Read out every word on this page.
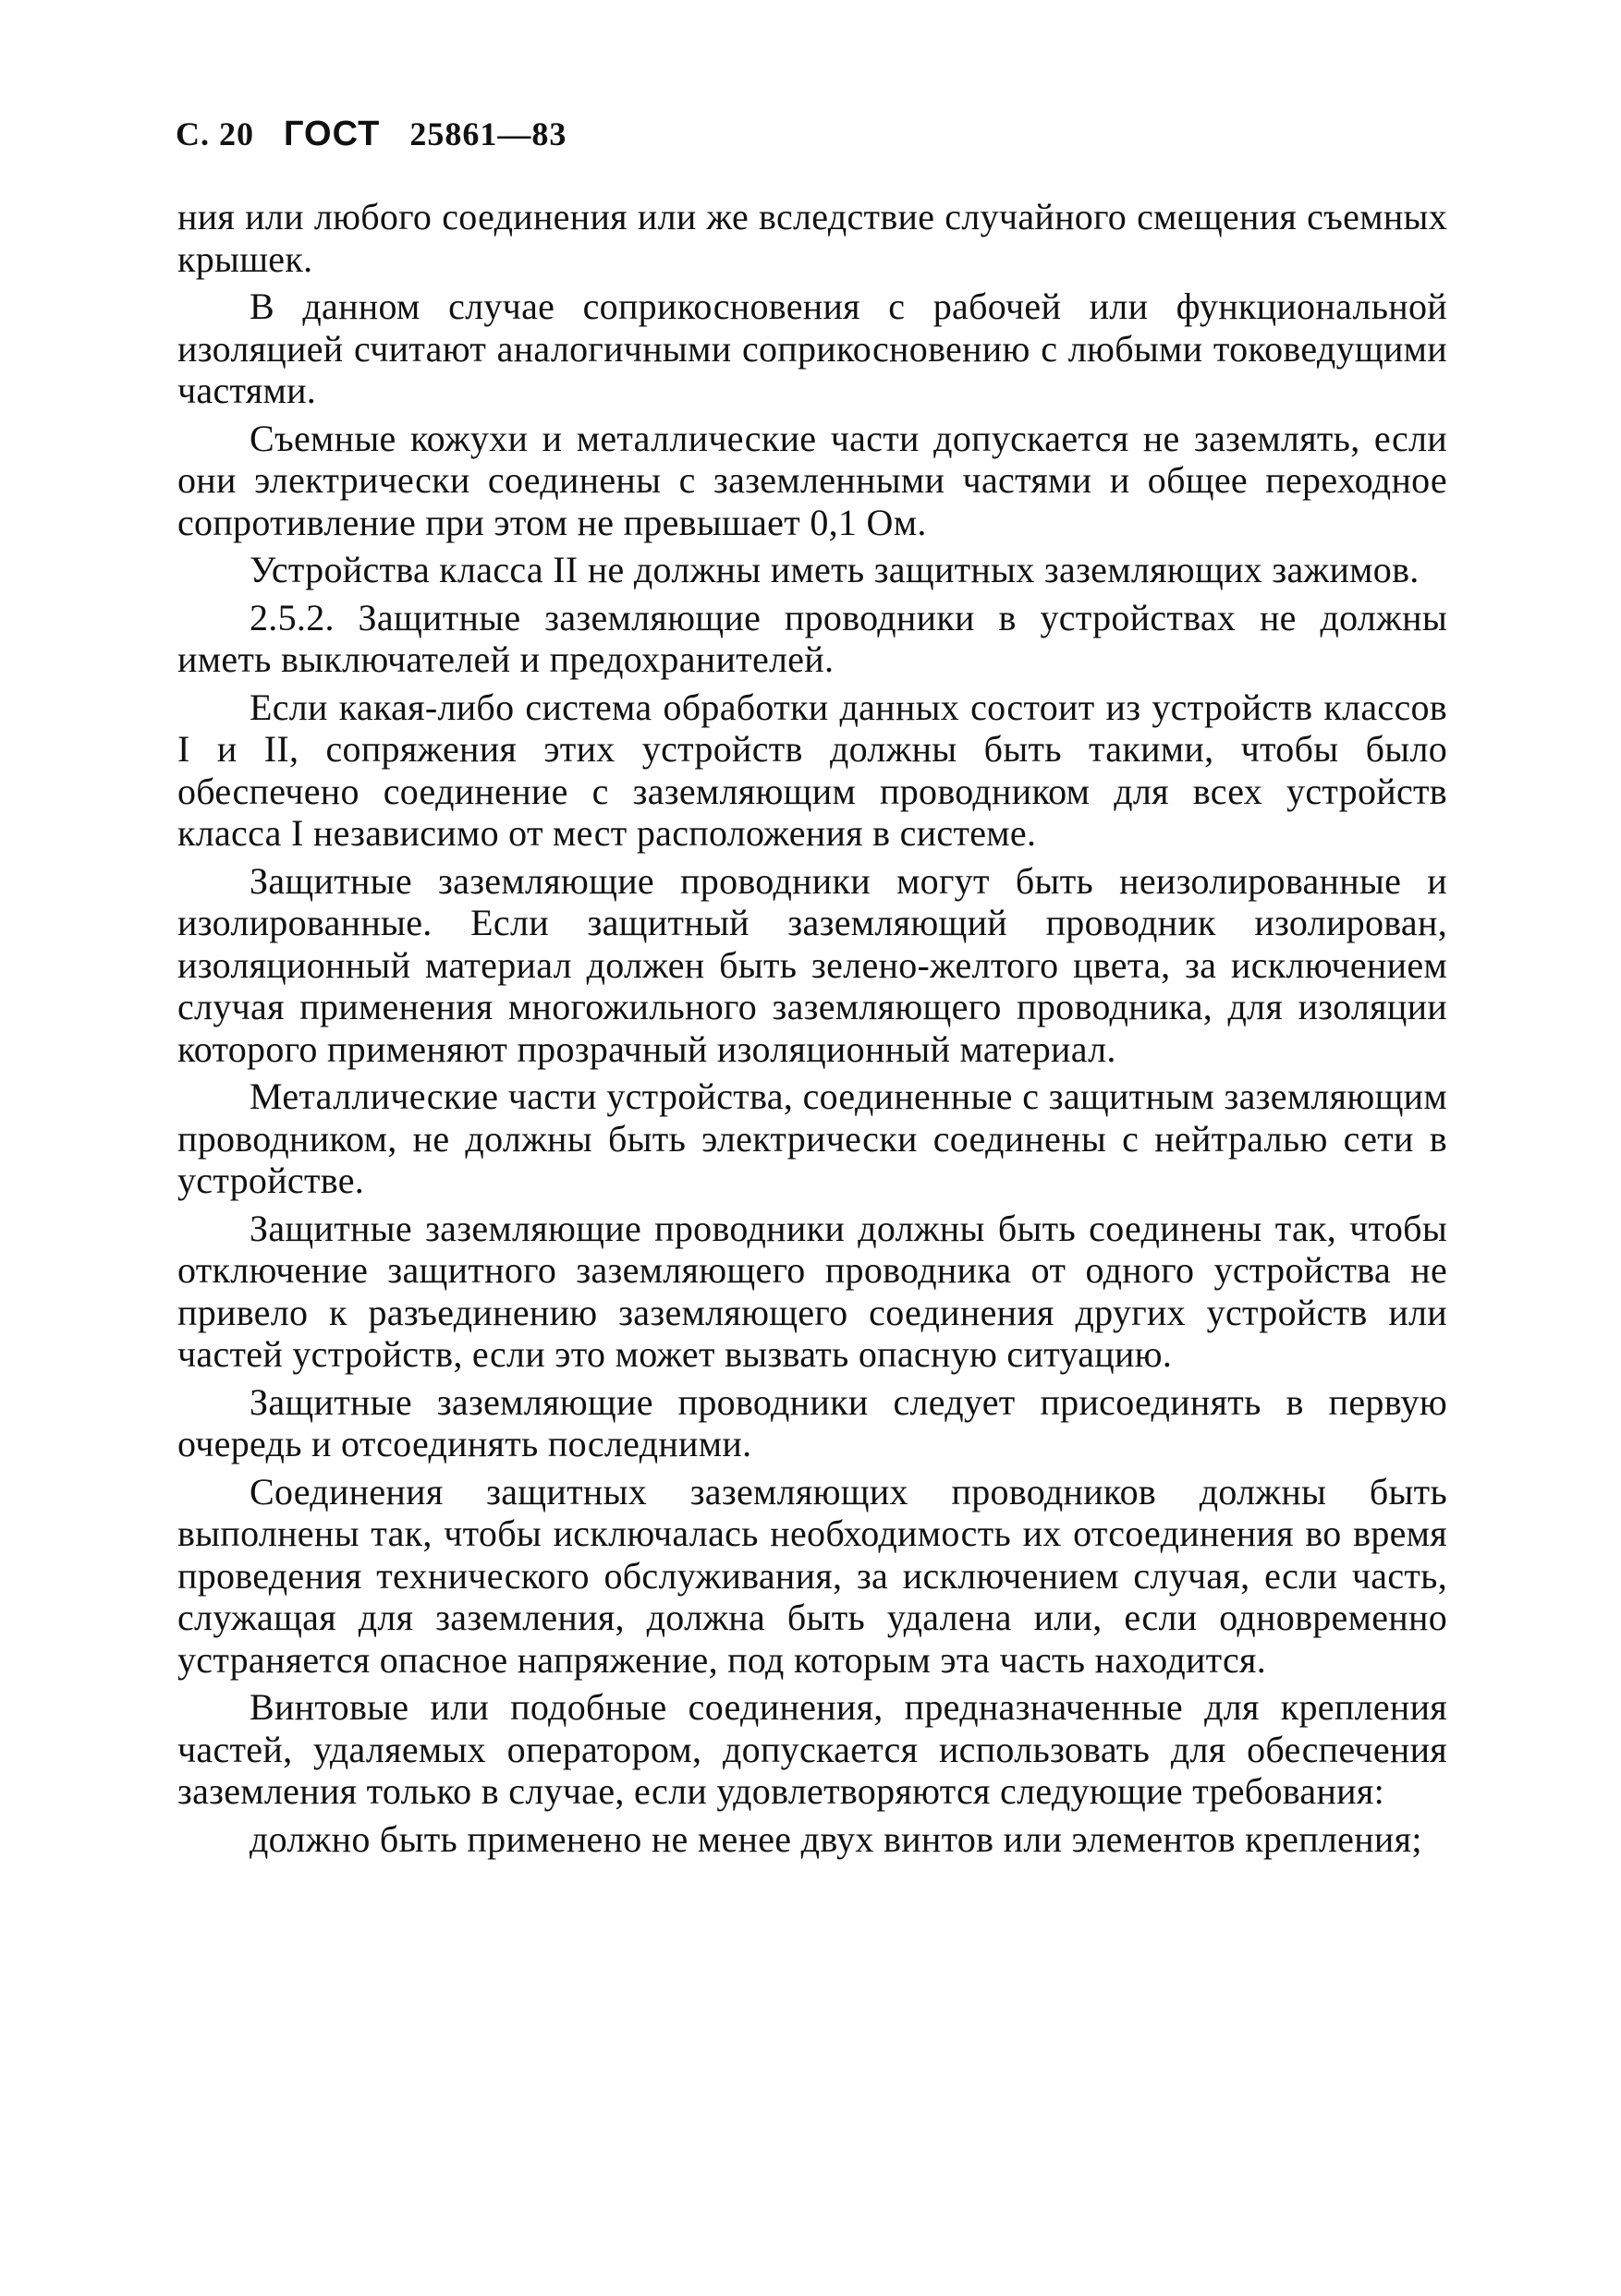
С. 20 ГОСТ 25861—83

ния или любого соединения или же вследствие случайного смещения съемных крышек.

В данном случае соприкосновения с рабочей или функциональной изоляцией считают аналогичными соприкосновению с любыми токоведущими частями.

Съемные кожухи и металлические части допускается не заземлять, если они электрически соединены с заземленными частями и общее переходное сопротивление при этом не превышает 0,1 Ом.

Устройства класса II не должны иметь защитных заземляющих зажимов.

2.5.2. Защитные заземляющие проводники в устройствах не должны иметь выключателей и предохранителей.

Если какая-либо система обработки данных состоит из устройств классов I и II, сопряжения этих устройств должны быть такими, чтобы было обеспечено соединение с заземляющим проводником для всех устройств класса I независимо от мест расположения в системе.

Защитные заземляющие проводники могут быть неизолированные и изолированные. Если защитный заземляющий проводник изолирован, изоляционный материал должен быть зелено-желтого цвета, за исключением случая применения многожильного заземляющего проводника, для изоляции которого применяют прозрачный изоляционный материал.

Металлические части устройства, соединенные с защитным заземляющим проводником, не должны быть электрически соединены с нейтралью сети в устройстве.

Защитные заземляющие проводники должны быть соединены так, чтобы отключение защитного заземляющего проводника от одного устройства не привело к разъединению заземляющего соединения других устройств или частей устройств, если это может вызвать опасную ситуацию.

Защитные заземляющие проводники следует присоединять в первую очередь и отсоединять последними.

Соединения защитных заземляющих проводников должны быть выполнены так, чтобы исключалась необходимость их отсоединения во время проведения технического обслуживания, за исключением случая, если часть, служащая для заземления, должна быть удалена или, если одновременно устраняется опасное напряжение, под которым эта часть находится.

Винтовые или подобные соединения, предназначенные для крепления частей, удаляемых оператором, допускается использовать для обеспечения заземления только в случае, если удовлетворяются следующие требования:

должно быть применено не менее двух винтов или элементов крепления;
